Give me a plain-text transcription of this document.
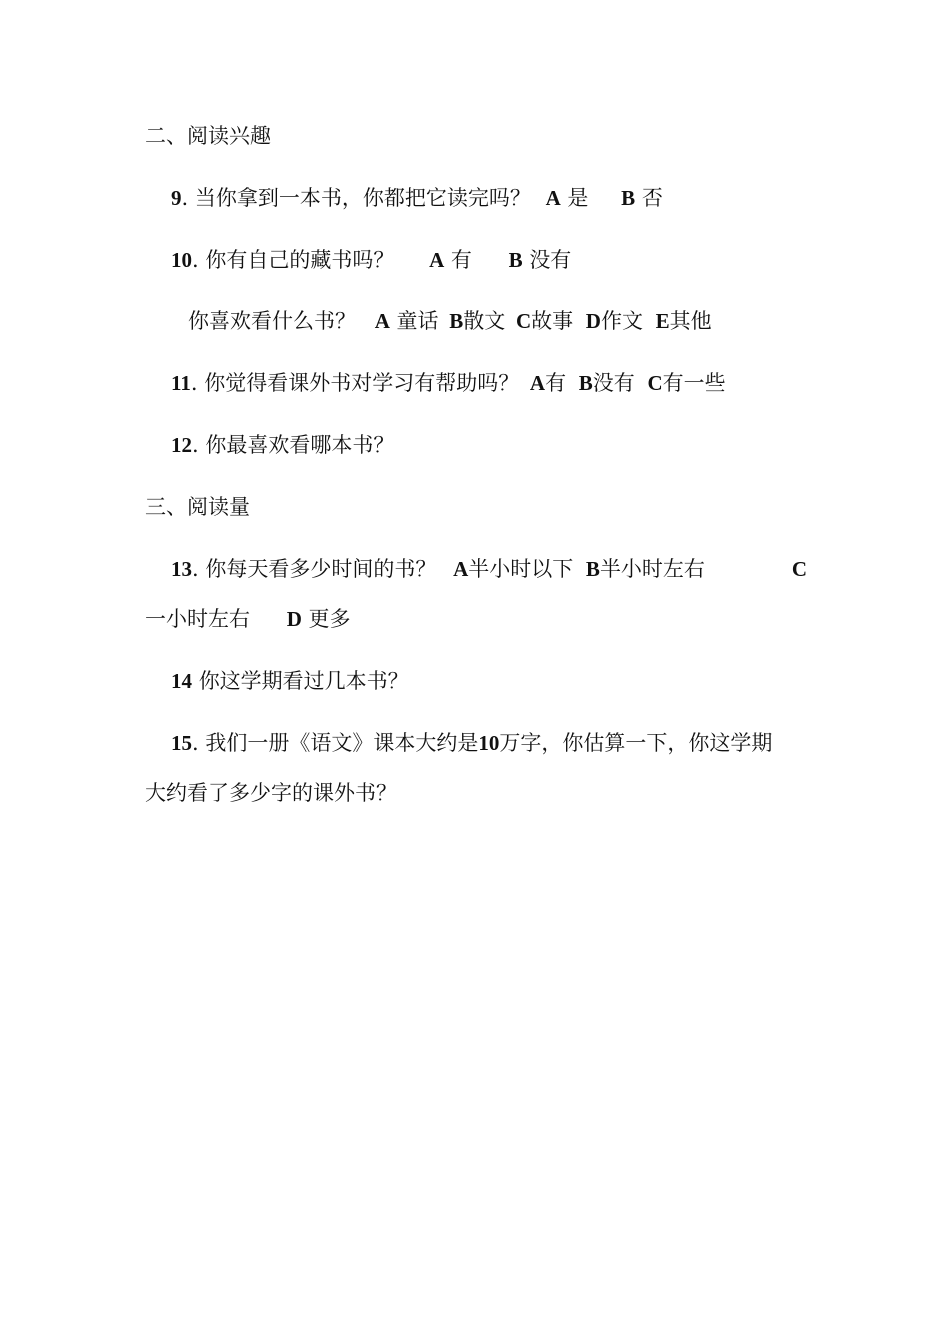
二、阅读兴趣
9. 当你拿到一本书，你都把它读完吗？ A 是 B 否
10. 你有自己的藏书吗？ A 有 B 没有
你喜欢看什么书？ A 童话 B散文 C故事 D作文 E其他
11. 你觉得看课外书对学习有帮助吗？ A有 B没有 C有一些
12. 你最喜欢看哪本书？
三、阅读量
13. 你每天看多少时间的书？ A半小时以下 B半小时左右	C
一小时左右 D 更多
14 你这学期看过几本书？
15. 我们一册《语文》课本大约是10万字，你估算一下，你这学期
大约看了多少字的课外书？
